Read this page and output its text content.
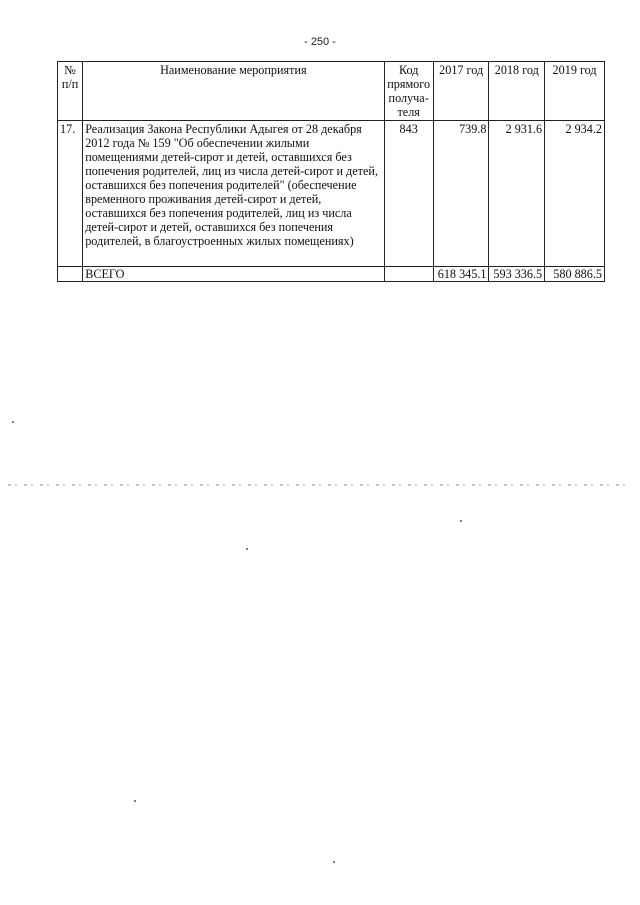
- 250 -
№ п/п	Наименование мероприятия	Код прямого получа-теля	2017 год	2018 год	2019 год
17.	Реализация Закона Республики Адыгея от 28 декабря 2012 года № 159 "Об обеспечении жилыми помещениями детей-сирот и детей, оставшихся без попечения родителей, лиц из числа детей-сирот и детей, оставшихся без попечения родителей" (обеспечение временного проживания детей-сирот и детей, оставшихся без попечения родителей, лиц из числа детей-сирот и детей, оставшихся без попечения родителей, в благоустроенных жилых помещениях)	843	739.8	2 931.6	2 934.2
	ВСЕГО		618 345.1	593 336.5	580 886.5
